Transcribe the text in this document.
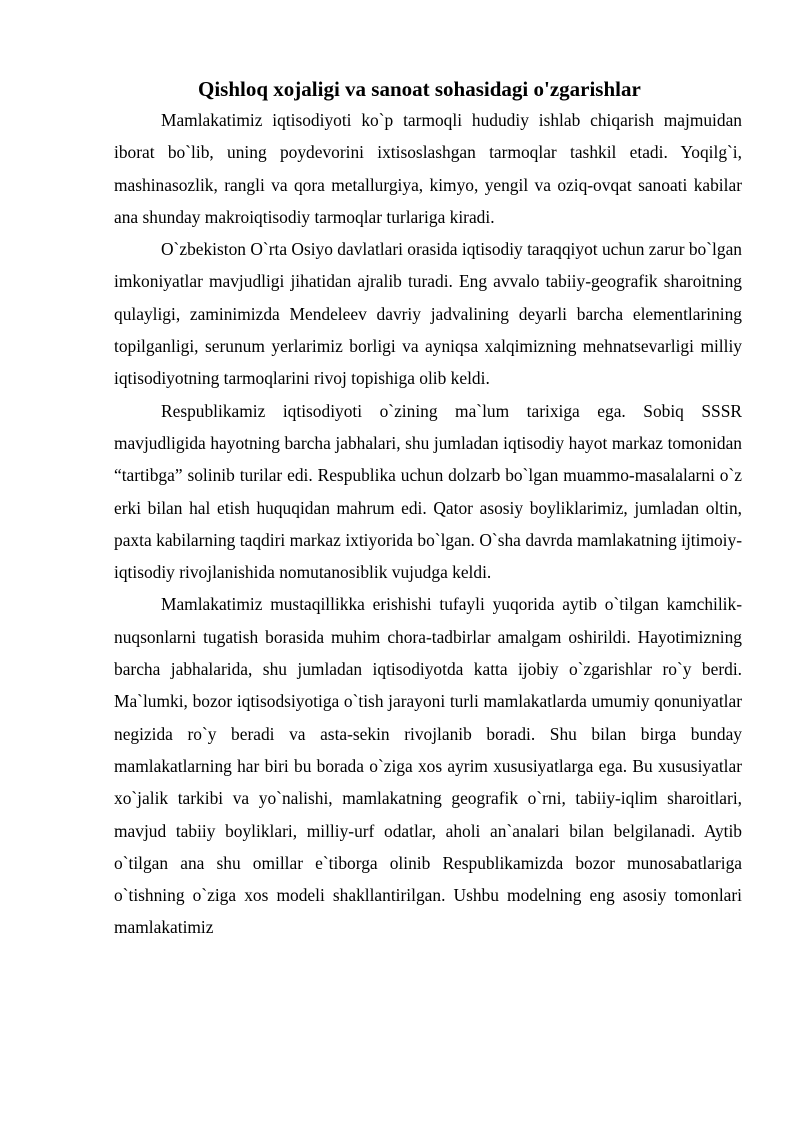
Qishloq xojaligi va sanoat sohasidagi o'zgarishlar

Mamlakatimiz iqtisodiyoti ko`p tarmoqli hududiy ishlab chiqarish majmuidan iborat bo`lib, uning poydevorini ixtisoslashgan tarmoqlar tashkil etadi. Yoqilg`i, mashinasozlik, rangli va qora metallurgiya, kimyo, yengil va oziq-ovqat sanoati kabilar ana shunday makroiqtisodiy tarmoqlar turlariga kiradi.

O`zbekiston O`rta Osiyo davlatlari orasida iqtisodiy taraqqiyot uchun zarur bo`lgan imkoniyatlar mavjudligi jihatidan ajralib turadi. Eng avvalo tabiiy-geografik sharoitning qulayligi, zaminimizda Mendeleev davriy jadvalining deyarli barcha elementlarining topilganligi, serunum yerlarimiz borligi va ayniqsa xalqimizning mehnatsevarligi milliy iqtisodiyotning tarmoqlarini rivoj topishiga olib keldi.

Respublikamiz iqtisodiyoti o`zining ma`lum tarixiga ega. Sobiq SSSR mavjudligida hayotning barcha jabhalari, shu jumladan iqtisodiy hayot markaz tomonidan “tartibga” solinib turilar edi. Respublika uchun dolzarb bo`lgan muammo-masalalarni o`z erki bilan hal etish huquqidan mahrum edi. Qator asosiy boyliklarimiz, jumladan oltin, paxta kabilarning taqdiri markaz ixtiyorida bo`lgan. O`sha davrda mamlakatning ijtimoiy-iqtisodiy rivojlanishida nomutanosiblik vujudga keldi.

Mamlakatimiz mustaqillikka erishishi tufayli yuqorida aytib o`tilgan kamchilik-nuqsonlarni tugatish borasida muhim chora-tadbirlar amalgam oshirildi. Hayotimizning barcha jabhalarida, shu jumladan iqtisodiyotda katta ijobiy o`zgarishlar ro`y berdi. Ma`lumki, bozor iqtisodsiyotiga o`tish jarayoni turli mamlakatlarda umumiy qonuniyatlar negizida ro`y beradi va asta-sekin rivojlanib boradi. Shu bilan birga bunday mamlakatlarning har biri bu borada o`ziga xos ayrim xususiyatlarga ega. Bu xususiyatlar xo`jalik tarkibi va yo`nalishi, mamlakatning geografik o`rni, tabiiy-iqlim sharoitlari, mavjud tabiiy boyliklari, milliy-urf odatlar, aholi an`analari bilan belgilanadi. Aytib o`tilgan ana shu omillar e`tiborga olinib Respublikamizda bozor munosabatlariga o`tishning o`ziga xos modeli shakllantirilgan. Ushbu modelning eng asosiy tomonlari mamlakatimiz
